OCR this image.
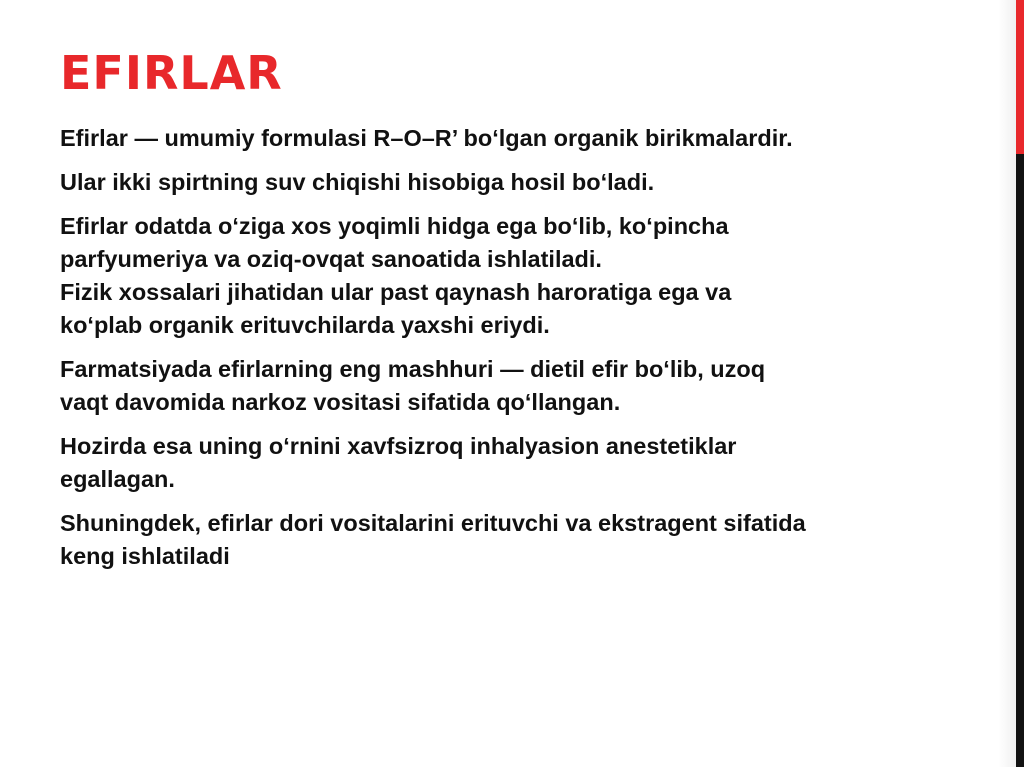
EFIRLAR

Efirlar — umumiy formulasi R–O–R’ bo‘lgan organik birikmalardir.

Ular ikki spirtning suv chiqishi hisobiga hosil bo‘ladi.

Efirlar odatda o‘ziga xos yoqimli hidga ega bo‘lib, ko‘pincha
parfyumeriya va oziq-ovqat sanoatida ishlatiladi.
Fizik xossalari jihatidan ular past qaynash haroratiga ega va
ko‘plab organik erituvchilarda yaxshi eriydi.

Farmatsiyada efirlarning eng mashhuri — dietil efir bo‘lib, uzoq
vaqt davomida narkoz vositasi sifatida qo‘llangan.

Hozirda esa uning o‘rnini xavfsizroq inhalyasion anestetiklar
egallagan.

Shuningdek, efirlar dori vositalarini erituvchi va ekstragent sifatida
keng ishlatiladi
